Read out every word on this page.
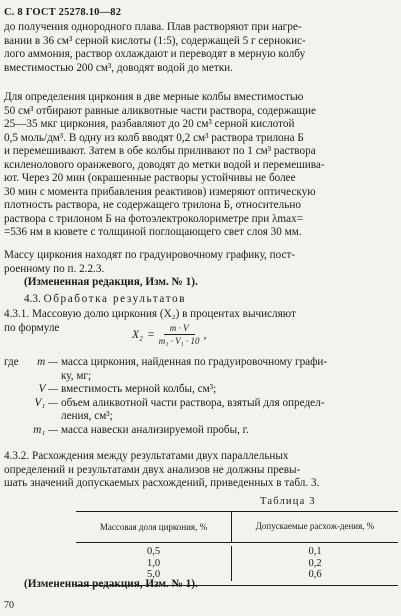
С. 8 ГОСТ 25278.10—82
до получения однородного плава. Плав растворяют при нагре-
вании в 36 см³ серной кислоты (1:5), содержащей 5 г сернокис-
лого аммония, раствор охлаждают и переводят в мерную колбу
вместимостью 200 см³, доводят водой до метки.
Для определения циркония в две мерные колбы вместимостью
50 см³ отбирают равные аликвотные части раствора, содержащие
25—35 мкг циркония, разбавляют до 20 см³ серной кислотой
0,5 моль/дм³. В одну из колб вводят 0,2 см³ раствора трилона Б
и перемешивают. Затем в обе колбы приливают по 1 см³ раствора
ксиленолового оранжевого, доводят до метки водой и перемешива-
ют. Через 20 мин (окрашенные растворы устойчивы не более
30 мин с момента прибавления реактивов) измеряют оптическую
плотность раствора, не содержащего трилона Б, относительно
раствора с трилоном Б на фотоэлектроколориметре при λmax=
=536 нм в кювете с толщиной поглощающего свет слоя 30 мм.
Массу циркония находят по градуировочному графику, пост-
роенному по п. 2.2.3.
(Измененная редакция, Изм. № 1).
4.3. Обработка результатов
4.3.1. Массовую долю циркония (X₂) в процентах вычисляют
по формуле
$X_2 = \frac{m \cdot V}{\text{m₁ · V₁ · 10}}$ ,
где	m — масса циркония, найденная по градуировочному графи-
ку, мг;
V — вместимость мерной колбы, см³;
V₁ — объем аликвотной части раствора, взятый для определ-
ления, см³;
m₁ — масса навески анализируемой пробы, г.
4.3.2. Расхождения между результатами двух параллельных
определений и результатами двух анализов не должны превы-
шать значений допускаемых расхождений, приведенных в табл. 3.
Таблица 3
Массовая доля циркония, %	Допускаемые расхож-дения, %
0,5
1,0
5,0
0,1
0,2
0,6
(Измененная редакция, Изм. № 1).
70
